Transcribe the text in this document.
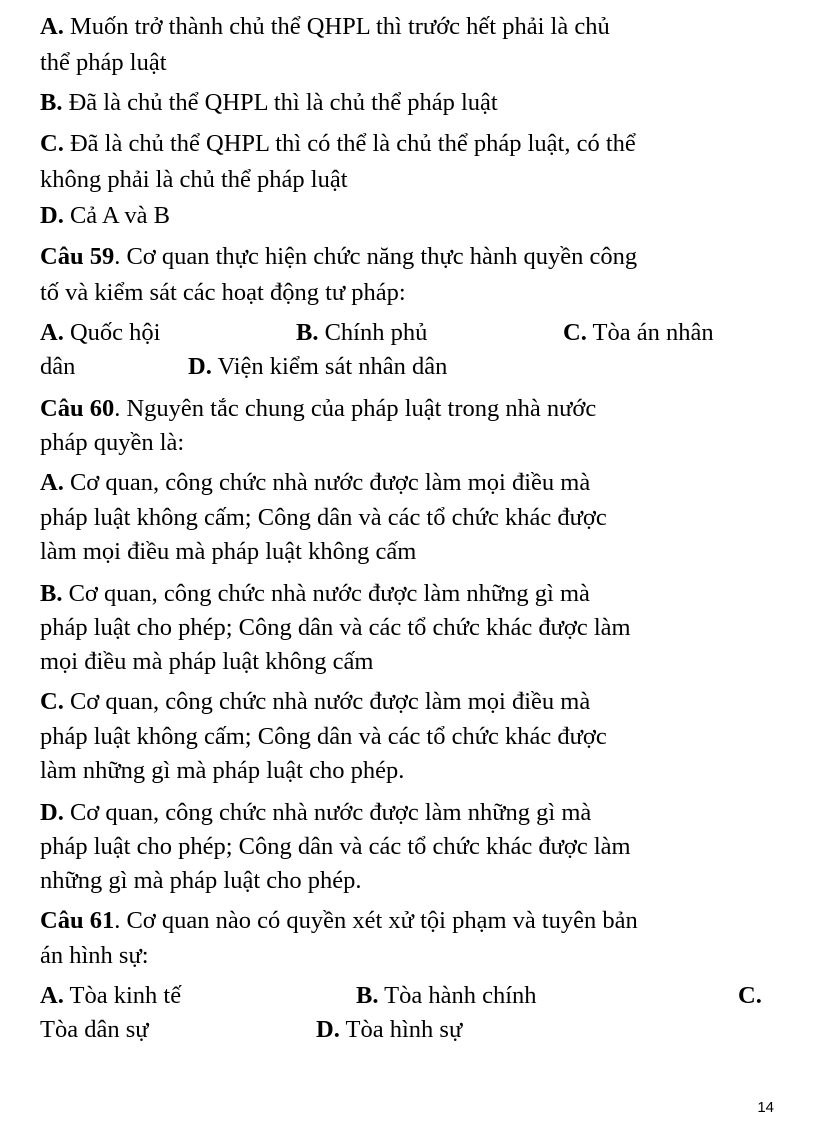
A. Muốn trở thành chủ thể QHPL thì trước hết phải là chủ
thể pháp luật
B. Đã là chủ thể QHPL thì là chủ thể pháp luật
C. Đã là chủ thể QHPL thì có thể là chủ thể pháp luật, có thể
không phải là chủ thể pháp luật
D. Cả A và B
Câu 59. Cơ quan thực hiện chức năng thực hành quyền công
tố và kiểm sát các hoạt động tư pháp:
A. Quốc hội	B. Chính phủ	C. Tòa án nhân
dân	D. Viện kiểm sát nhân dân
Câu 60. Nguyên tắc chung của pháp luật trong nhà nước
pháp quyền là:
A. Cơ quan, công chức nhà nước được làm mọi điều mà
pháp luật không cấm; Công dân và các tổ chức khác được
làm mọi điều mà pháp luật không cấm
B. Cơ quan, công chức nhà nước được làm những gì mà
pháp luật cho phép; Công dân và các tổ chức khác được làm
mọi điều mà pháp luật không cấm
C. Cơ quan, công chức nhà nước được làm mọi điều mà
pháp luật không cấm; Công dân và các tổ chức khác được
làm những gì mà pháp luật cho phép.
D. Cơ quan, công chức nhà nước được làm những gì mà
pháp luật cho phép; Công dân và các tổ chức khác được làm
những gì mà pháp luật cho phép.
Câu 61. Cơ quan nào có quyền xét xử tội phạm và tuyên bản
án hình sự:
A. Tòa kinh tế	B. Tòa hành chính	C.
Tòa dân sự	D. Tòa hình sự
14
